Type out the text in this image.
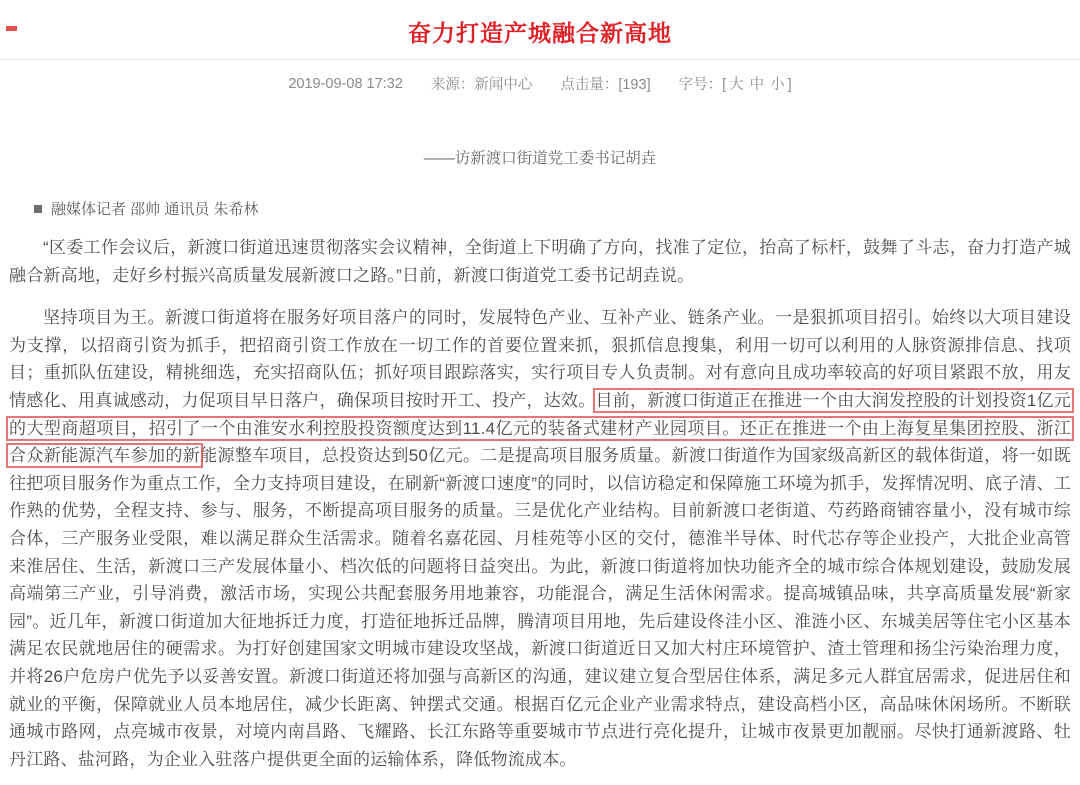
奋力打造产城融合新高地
2019-09-08 17:32 来源：新闻中心 点击量：[193] 字号：[ 大 中 小 ]
——访新渡口街道党工委书记胡垚
融媒体记者 邵帅 通讯员 朱希林

“区委工作会议后，新渡口街道迅速贯彻落实会议精神，全街道上下明确了方向，找准了定位，抬高了标杆，鼓舞了斗志，奋力打造产城融合新高地，走好乡村振兴高质量发展新渡口之路。”日前，新渡口街道党工委书记胡垚说。

坚持项目为王。新渡口街道将在服务好项目落户的同时，发展特色产业、互补产业、链条产业。一是狠抓项目招引。始终以大项目建设为支撑，以招商引资为抓手，把招商引资工作放在一切工作的首要位置来抓，狠抓信息搜集，利用一切可以利用的人脉资源排信息、找项目；重抓队伍建设，精挑细选，充实招商队伍；抓好项目跟踪落实，实行项目专人负责制。对有意向且成功率较高的好项目紧跟不放，用友情感化、用真诚感动，力促项目早日落户，确保项目按时开工、投产，达效。目前，新渡口街道正在推进一个由大润发控股的计划投资1亿元的大型商超项目，招引了一个由淮安水利控股投资额度达到11.4亿元的装备式建材产业园项目。还正在推进一个由上海复星集团控股、浙江合众新能源汽车参加的新能源整车项目，总投资达到50亿元。二是提高项目服务质量。新渡口街道作为国家级高新区的载体街道，将一如既往把项目服务作为重点工作，全力支持项目建设，在刷新“新渡口速度”的同时，以信访稳定和保障施工环境为抓手，发挥情况明、底子清、工作熟的优势，全程支持、参与、服务，不断提高项目服务的质量。三是优化产业结构。目前新渡口老街道、芍药路商铺容量小，没有城市综合体，三产服务业受限，难以满足群众生活需求。随着名嘉花园、月桂苑等小区的交付，德淮半导体、时代芯存等企业投产，大批企业高管来淮居住、生活，新渡口三产发展体量小、档次低的问题将日益突出。为此，新渡口街道将加快功能齐全的城市综合体规划建设，鼓励发展高端第三产业，引导消费，激活市场，实现公共配套服务用地兼容，功能混合，满足生活休闲需求。提高城镇品味，共享高质量发展“新家园”。近几年，新渡口街道加大征地拆迁力度，打造征地拆迁品牌，腾清项目用地，先后建设佟洼小区、淮涟小区、东城美居等住宅小区基本满足农民就地居住的硬需求。为打好创建国家文明城市建设攻坚战，新渡口街道近日又加大村庄环境管护、渣土管理和扬尘污染治理力度，并将26户危房户优先予以妥善安置。新渡口街道还将加强与高新区的沟通，建议建立复合型居住体系，满足多元人群宜居需求，促进居住和就业的平衡，保障就业人员本地居住，减少长距离、钟摆式交通。根据百亿元企业产业需求特点，建设高档小区，高品味休闲场所。不断联通城市路网，点亮城市夜景，对境内南昌路、飞耀路、长江东路等重要城市节点进行亮化提升，让城市夜景更加靓丽。尽快打通新渡路、牡丹江路、盐河路，为企业入驻落户提供更全面的运输体系，降低物流成本。
